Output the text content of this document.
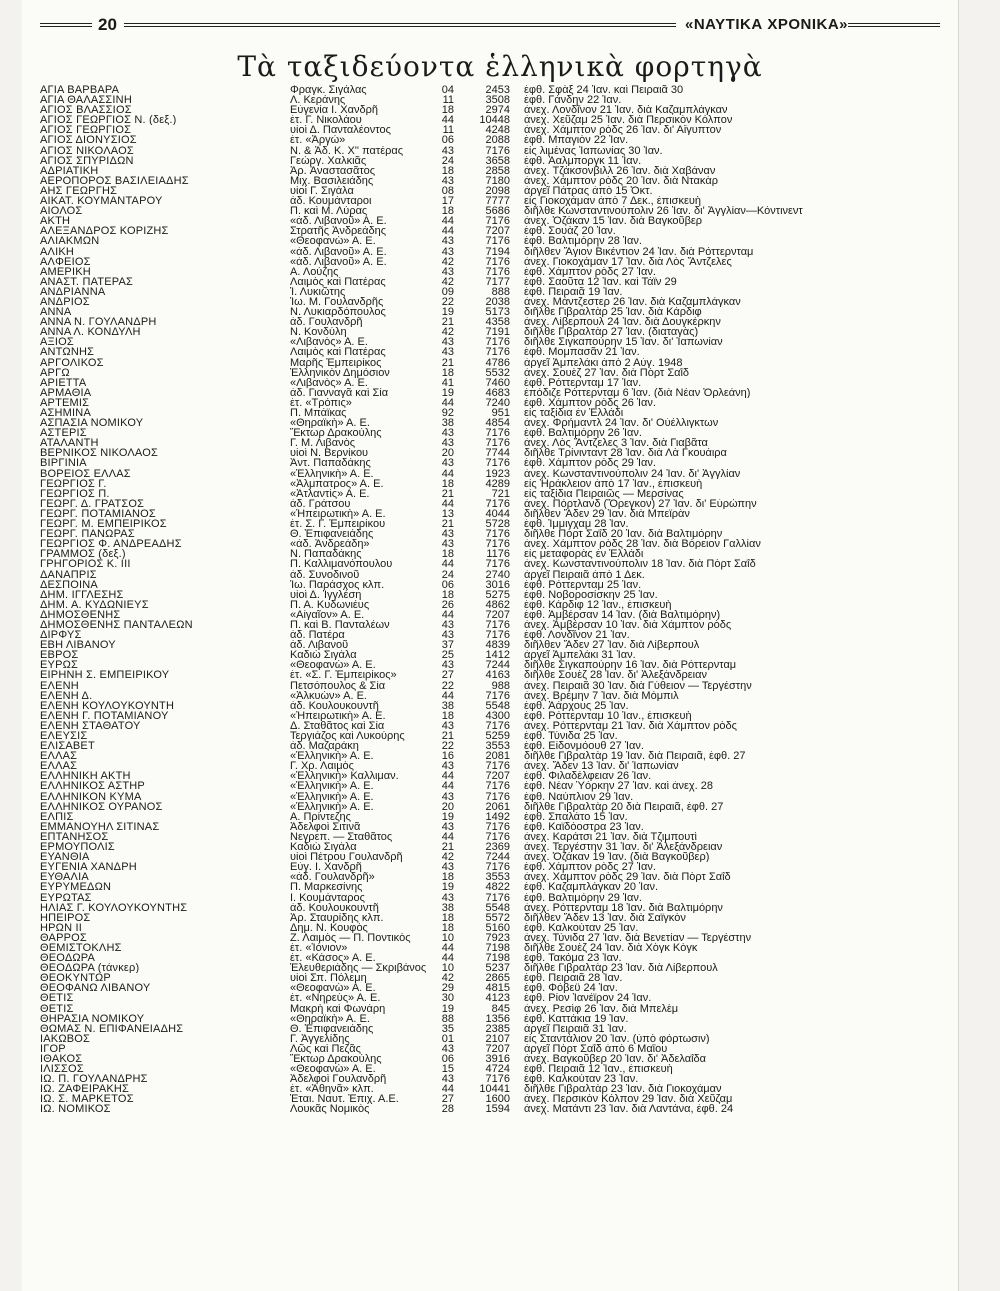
20	«ΝΑΥΤΙΚΑ ΧΡΟΝΙΚΑ»
Τὰ ταξιδεύοντα ἑλληνικὰ φορτηγὰ
ΑΓΙΑ ΒΑΡΒΑΡΑ	Φραγκ. Σιγάλας	04	2453 ἐφθ. Σφὰξ 24 Ἰαν. καὶ Πειραιᾶ 30
ΑΓΙΑ ΘΑΛΑΣΣΙΝΗ	Λ. Κεράνης	11	3508 ἐφθ. Γάνδην 22 Ἰαν.
ΑΓΙΟΣ ΒΛΑΣΣΙΟΣ	Εὐγενία Ι. Χανδρῆ	18	2974 ἀνεχ. Λονδῖνον 21 Ἰαν. διὰ Καζαμπλάγκαν
ΑΓΙΟΣ ΓΕΩΡΓΙΟΣ Ν. (δεξ.)	ἐτ. Γ. Νικολάου	44	10448 ἀνεχ. Χεῦζαμ 25 Ἰαν. διὰ Περσικὸν Κόλπον
ΑΓΙΟΣ ΓΕΩΡΓΙΟΣ	υἱοὶ Δ. Πανταλέοντος	11	4248 ἀνεχ. Χάμπτον ρὸδς 26 Ἰαν. δι' Αἴγυπτον
ΑΓΙΟΣ ΔΙΟΝΥΣΙΟΣ	ἐτ. «Ἀργώ»	06	2088 ἐφθ. Μπαγιὸν 22 Ἰαν.
ΑΓΙΟΣ ΝΙΚΟΛΑΟΣ	Ν. & Ἀδ. Κ. Χ'' πατέρας	43	7176 εἰς λιμένας Ἰαπωνίας 30 Ἰαν.
ΑΓΙΟΣ ΣΠΥΡΙΔΩΝ	Γεώργ. Χαλκιᾶς	24	3658 ἐφθ. Ἀαλμποργκ 11 Ἰαν.
ΑΔΡΙΑΤΙΚΗ	Ἀρ. Ἀναστασᾶτος	18	2858 ἀνεχ. Τζάκσονβιλλ 26 Ἰαν. διὰ Χαβάναν
ΑΕΡΟΠΟΡΟΣ ΒΑΣΙΛΕΙΑΔΗΣ	Μιχ. Βασιλειάδης	43	7180 ἀνεχ. Χάμπτον ρὸδς 20 Ἰαν. διὰ Ντακὰρ
ΑΗΣ ΓΕΩΡΓΗΣ	υἱοὶ Γ. Σιγάλα	08	2098 ἀργεῖ Πάτρας ἀπὸ 15 Ὀκτ.
ΑΙΚΑΤ. ΚΟΥΜΑΝΤΑΡΟΥ	ἀδ. Κουμάνταροι	17	7777 εἰς Γιοκοχάμαν ἀπὸ 7 Δεκ., ἐπισκευὴ
ΑΙΟΛΟΣ	Π. καὶ Μ. Λύρας	18	5686 διῆλθε Κωνσταντινούπολιν 26 Ἰαν. δι' Ἀγγλίαν—Κόντινεντ
ΑΚΤΗ	«ἀδ. Λιβανοῦ» Α. Ε.	44	7176 ἀνεχ. Ὀζάκαν 15 Ἰαν. διὰ Βαγκοῦβερ
ΑΛΕΞΑΝΔΡΟΣ ΚΟΡΙΖΗΣ	Στρατῆς Ἀνδρεάδης	44	7207 ἐφθ. Σουὰζ 20 Ἰαν.
ΑΛΙΑΚΜΩΝ	«Θεοφανὼ» Α. Ε.	43	7176 ἐφθ. Βαλτιμόρην 28 Ἰαν.
ΑΛΙΚΗ	«ἀδ. Λιβανοῦ» Α. Ε.	43	7194 διῆλθεν Ἅγιον Βικέντιον 24 Ἰαν. διὰ Ρόττερνταμ
ΑΛΦΕΙΟΣ	«ἀδ. Λιβανοῦ» Α. Ε.	42	7176 ἀνεχ. Γιοκοχάμαν 17 Ἰαν. διὰ Λὸς Ἄντζελες
ΑΜΕΡΙΚΗ	Α. Λούζης	43	7176 ἐφθ. Χάμπτον ρὸδς 27 Ἰαν.
ΑΝΑΣΤ. ΠΑΤΕΡΑΣ	Λαιμὸς καὶ Πατέρας	42	7177 ἐφθ. Σαοῦτα 12 Ἰαν. καὶ Τάϊν 29
ΑΝΔΡΙΑΝΝΑ	Ἰ. Λυκιῶτης	09	888 ἐφθ. Πειραιᾶ 19 Ἰαν.
ΑΝΔΡΙΟΣ	Ἰω. Μ. Γουλανδρῆς	22	2038 ἀνεχ. Μάντζεστερ 26 Ἰαν. διὰ Καζαμπλάγκαν
ΑΝΝΑ	Ν. Λυκιαρδόπουλος	19	5173 διῆλθε Γιβραλτὰρ 25 Ἰαν. διὰ Κάρδιφ
ΑΝΝΑ Ν. ΓΟΥΛΑΝΔΡΗ	ἀδ. Γουλανδρῆ	21	4358 ἀνεχ. Λίβερπουλ 24 Ἰαν. διὰ Δουγκέρκην
ΑΝΝΑ Λ. ΚΟΝΔΥΛΗ	Ν. Κονδύλη	42	7191 διῆλθε Γιβραλτὰρ 27 Ἰαν. (διαταγὰς)
ΑΞΙΟΣ	«Λιβανὸς» Α. Ε.	43	7176 διῆλθε Σιγκαπούρην 15 Ἰαν. δι' Ἰαπωνίαν
ΑΝΤΩΝΗΣ	Λαιμὸς καὶ Πατέρας	43	7176 ἐφθ. Μομπασᾶν 21 Ἰαν.
ΑΡΓΟΛΙΚΟΣ	Μαρῆς Ἐμπειρίκος	21	4786 ἀργεῖ Ἀμπελάκι ἀπὸ 2 Αὐγ. 1948
ΑΡΓΩ	Ἑλληνικὸν Δημόσιον	18	5532 ἀνεχ. Σουὲζ 27 Ἰαν. διὰ Πὸρτ Σαΐδ
ΑΡΙΕΤΤΑ	«Λιβανὸς» Α. Ε.	41	7460 ἐφθ. Ρόττερνταμ 17 Ἰαν.
ΑΡΜΑΘΙΑ	ἀδ. Γιανναγᾶ καὶ Σία	19	4683 ἐπόδιζε Ρόττερνταμ 6 Ἰαν. (διὰ Νέαν Ὀρλεάνη)
ΑΡΤΕΜΙΣ	ἐτ. «Τρόπις»	44	7240 ἐφθ. Χάμπτον ρὸδς 26 Ἰαν.
ΑΣΗΜΙΝΑ	Π. Μπάϊκας	92	951 εἰς ταξίδια ἐν Ἑλλάδι
ΑΣΠΑΣΙΑ ΝΟΜΙΚΟΥ	«Θηραϊκὴ» Α. Ε.	38	4854 ἀνεχ. Φρήμαντλ 24 Ἰαν. δι' Οὐέλλιγκτων
ΑΣΤΕΡΙΣ	Ἕκτωρ Δρακούλης	43	7176 ἐφθ. Βαλτιμόρην 26 Ἰαν.
ΑΤΑΛΑΝΤΗ	Γ. Μ. Λιβανὸς	43	7176 ἀνεχ. Λὸς Ἄντζελες 3 Ἰαν. διὰ Γιαβᾶτα
ΒΕΡΝΙΚΟΣ ΝΙΚΟΛΑΟΣ	υἱοὶ Ν. Βερνίκου	20	7744 διῆλθε Τρίνινταντ 28 Ἰαν. διὰ Λὰ Γκουάιρα
ΒΙΡΓΙΝΙΑ	Ἀντ. Παπαδάκης	43	7176 ἐφθ. Χάμπτον ρὸδς 29 Ἰαν.
ΒΟΡΕΙΟΣ ΕΛΛΑΣ	«Ἑλληνικὴ» Α. Ε.	44	1923 ἀνεχ. Κωνσταντινούπολιν 24 Ἰαν. δι' Ἀγγλίαν
ΓΕΩΡΓΙΟΣ Γ.	«Ἀλμπατρος» Α. Ε.	18	4289 εἰς Ἡράκλειον ἀπὸ 17 Ἰαν., ἐπισκευὴ
ΓΕΩΡΓΙΟΣ Π.	«Ἀτλαντὶς» Α. Ε.	21	721 εἰς ταξίδια Πειραιῶς — Μερσίνας
ΓΕΩΡΓ. Δ. ΓΡΑΤΣΟΣ	ἀδ. Γράτσου	44	7176 ἀνεχ. Πόρτλανδ (Ὄρεγκον) 27 Ἰαν. δι' Εὐρώπην
ΓΕΩΡΓ. ΠΟΤΑΜΙΑΝΟΣ	«Ἠπειρωτικὴ» Α. Ε.	13	4044 διῆλθεν Ἄδεν 29 Ἰαν. διὰ Μπεϊρὰν
ΓΕΩΡΓ. Μ. ΕΜΠΕΙΡΙΚΟΣ	ἐτ. Σ. Γ. Ἐμπειρίκου	21	5728 ἐφθ. Ἰμμιγχαμ 28 Ἰαν.
ΓΕΩΡΓ. ΠΑΝΩΡΑΣ	Θ. Ἐπιφανειάδης	43	7176 διῆλθε Πὸρτ Σαΐδ 20 Ἰαν. διὰ Βαλτιμόρην
ΓΕΩΡΓΙΟΣ Φ. ΑΝΔΡΕΑΔΗΣ	«ἀδ. Ἀνδρεάδη»	43	7176 ἀνεχ. Χάμπτον ρὸδς 28 Ἰαν. διὰ Βόρειον Γαλλίαν
ΓΡΑΜΜΟΣ (δεξ.)	Ν. Παπαδάκης	18	1176 εἰς μεταφορὰς ἐν Ἑλλάδι
ΓΡΗΓΟΡΙΟΣ Κ. ΙΙΙ	Π. Καλλιμανόπουλου	44	7176 ἀνεχ. Κωνσταντινούπολιν 18 Ἰαν. διὰ Πὸρτ Σαΐδ
ΔΑΝΑΠΡΙΣ	ἀδ. Συνοδινοῦ	24	2740 ἀργεῖ Πειραιᾶ ἀπὸ 1 Δεκ.
ΔΕΣΠΟΙΝΑ	Ἰω. Παράσχος κλπ.	06	3016 ἐφθ. Ρόττερνταμ 25 Ἰαν.
ΔΗΜ. ΙΓΓΛΕΣΗΣ	υἱοὶ Δ. Ἰγγλέση	18	5275 ἐφθ. Νοβοροσίσκην 25 Ἰαν.
ΔΗΜ. Α. ΚΥΔΩΝΙΕΥΣ	Π. Α. Κυδωνιέυς	26	4862 ἐφθ. Κάρδιφ 12 Ἰαν., ἐπισκευὴ
ΔΗΜΟΣΘΕΝΗΣ	«Αἰγαῖον» Α. Ε.	44	7207 ἐφθ. Ἀμβέρσαν 14 Ἰαν. (διὰ Βαλτιμόρην)
ΔΗΜΟΣΘΕΝΗΣ ΠΑΝΤΑΛΕΩΝ	Π. καὶ Β. Πανταλέων	43	7176 ἀνεχ. Ἀμβέρσαν 10 Ἰαν. διὰ Χάμπτον ρὸδς
ΔΙΡΦΥΣ	ἀδ. Πατέρα	43	7176 ἐφθ. Λονδῖνον 21 Ἰαν.
ΕΒΗ ΛΙΒΑΝΟΥ	ἀδ. Λιβανοῦ	37	4839 διῆλθεν Ἄδεν 27 Ἰαν. διὰ Λίβερπουλ
ΕΒΡΟΣ	Καδιὼ Σιγάλα	25	1412 ἀργεῖ Ἀμπελάκι 31 Ἰαν.
ΕΥΡΩΣ	«Θεοφανὼ» Α. Ε.	43	7244 διῆλθε Σιγκαπούρην 16 Ἰαν. διὰ Ρόττερνταμ
ΕΙΡΗΝΗ Σ. ΕΜΠΕΙΡΙΚΟΥ	ἐτ. «Σ. Γ. Ἐμπειρίκος»	27	4163 διῆλθε Σουὲζ 28 Ἰαν. δι' Ἀλεξάνδρειαν
ΕΛΕΝΗ	Πετσόπουλος & Σία	22	988 ἀνεχ. Πειραιᾶ 30 Ἰαν. διὰ Γύθειον — Τεργέστην
ΕΛΕΝΗ Δ.	«Ἀλκυὼν» Α. Ε.	44	7176 ἀνεχ. Βρέμην 7 Ἰαν. διὰ Μόμπιλ
ΕΛΕΝΗ ΚΟΥΛΟΥΚΟΥΝΤΗ	ἀδ. Κουλουκουντῆ	38	5548 ἐφθ. Ἀάρχους 25 Ἰαν.
ΕΛΕΝΗ Γ. ΠΟΤΑΜΙΑΝΟΥ	«Ἠπειρωτικὴ» Α. Ε.	18	4300 ἐφθ. Ρόττερνταμ 10 Ἰαν., ἐπισκευὴ
ΕΛΕΝΗ ΣΤΑΘΑΤΟΥ	Δ. Σταθᾶτος καὶ Σία	43	7176 ἀνεχ. Ρόττερνταμ 21 Ἰαν. διὰ Χάμπτον ρὸδς
ΕΛΕΥΣΙΣ	Τεργιάζος καὶ Λυκούρης	21	5259 ἐφθ. Τύνιδα 25 Ἰαν.
ΕΛΙΣΑΒΕΤ	ἀδ. Μαζαράκη	22	3553 ἐφθ. Εἰδονμόουθ 27 Ἰαν.
ΕΛΛΑΣ	«Ἑλληνικὴ» Α. Ε.	16	2081 διῆλθε Γιβραλτὰρ 19 Ἰαν. διὰ Πειραιᾶ, ἐφθ. 27
ΕΛΛΑΣ	Γ. Χρ. Λαιμὸς	43	7176 ἀνεχ. Ἄδεν 13 Ἰαν. δι' Ἰαπωνίαν
ΕΛΛΗΝΙΚΗ ΑΚΤΗ	«Ἑλληνικὴ» Καλλιμαν.	44	7207 ἐφθ. Φιλαδέλφειαν 26 Ἰαν.
ΕΛΛΗΝΙΚΟΣ ΑΣΤΗΡ	«Ἑλληνικὴ» Α. Ε.	44	7176 ἐφθ. Νέαν Ὑόρκην 27 Ἰαν. καὶ ἀνεχ. 28
ΕΛΛΗΝΙΚΟΝ ΚΥΜΑ	«Ἑλληνικὴ» Α. Ε.	43	7176 ἐφθ. Ναύπλιον 29 Ἰαν.
ΕΛΛΗΝΙΚΟΣ ΟΥΡΑΝΟΣ	«Ἑλληνικὴ» Α. Ε.	20	2061 διῆλθε Γιβραλτὰρ 20 διὰ Πειραιᾶ, ἐφθ. 27
ΕΛΠΙΣ	Α. Πρίντεζης	19	1492 ἐφθ. Σπαλάτο 15 Ἰαν.
ΕΜΜΑΝΟΥΗΛ ΣΙΤΙΝΑΣ	Ἀδελφοὶ Σιτινᾶ	43	7176 ἐφθ. Καϊδόοστρα 23 Ἰαν.
ΕΠΤΑΝΗΣΟΣ	Νεγρεπ. — Σταθᾶτος	44	7176 ἀνεχ. Καράτσι 21 Ἰαν. διὰ Τζιμπουτὶ
ΕΡΜΟΥΠΟΛΙΣ	Καδιὼ Σιγάλα	21	2369 ἀνεχ. Τεργέστην 31 Ἰαν. δι' Ἀλεξάνδρειαν
ΕΥΑΝΘΙΑ	υἱοὶ Πέτρου Γουλανδρῆ	42	7244 ἀνεχ. Ὀζάκαν 19 Ἰαν. (διὰ Βαγκοῦβερ)
ΕΥΓΕΝΙΑ ΧΑΝΔΡΗ	Εὐγ. Ι. Χανδρῆ	43	7176 ἐφθ. Χάμπτον ρὸδς 27 Ἰαν.
ΕΥΘΑΛΙΑ	«ἀδ. Γουλανδρῆ»	18	3553 ἀνεχ. Χάμπτον ρὸδς 29 Ἰαν. διὰ Πὸρτ Σαΐδ
ΕΥΡΥΜΕΔΩΝ	Π. Μαρκεσίνης	19	4822 ἐφθ. Καζαμπλάγκαν 20 Ἰαν.
ΕΥΡΩΤΑΣ	Ι. Κουμάνταρος	43	7176 ἐφθ. Βαλτιμόρην 29 Ἰαν.
ΗΛΙΑΣ Γ. ΚΟΥΛΟΥΚΟΥΝΤΗΣ	ἀδ. Κουλουκουντῆ	38	5548 ἀνεχ. Ρόττερνταμ 18 Ἰαν. διὰ Βαλτιμόρην
ΗΠΕΙΡΟΣ	Ἀρ. Σταυρίδης κλπ.	18	5572 διῆλθεν Ἄδεν 13 Ἰαν. διὰ Σαϊγκὸν
ΗΡΩΝ ΙΙ	Δημ. Ν. Κουφὸς	18	5160 ἐφθ. Καλκούταν 25 Ἰαν.
ΘΑΡΡΟΣ	Ζ. Λαιμὸς — Π. Ποντικὸς	10	7923 ἀνεχ. Τύνιδα 27 Ἰαν. διὰ Βενετίαν — Τεργέστην
ΘΕΜΙΣΤΟΚΛΗΣ	ἐτ. «Ἰόνιον»	44	7198 διῆλθε Σουὲζ 24 Ἰαν. διὰ Χὸγκ Κὸγκ
ΘΕΟΔΩΡΑ	ἐτ. «Κάσος» Α. Ε.	44	7198 ἐφθ. Τακόμα 23 Ἰαν.
ΘΕΟΔΩΡΑ (τάνκερ)	Ἐλευθεριάδης — Σκριβάνος	10	5237 διῆλθε Γιβραλτὰρ 23 Ἰαν. διὰ Λίβερπουλ
ΘΕΟΚΥΝΤΩΡ	υἱοὶ Σπ. Πόλεμη	42	2865 ἐφθ. Πειραιᾶ 28 Ἰαν.
ΘΕΟΦΑΝΩ ΛΙΒΑΝΟΥ	«Θεοφανὼ» Α. Ε.	29	4815 ἐφθ. Φόβεϋ 24 Ἰαν.
ΘΕΤΙΣ	ἐτ. «Νηρεὺς» Α. Ε.	30	4123 ἐφθ. Ρίον Ἰανέϊρον 24 Ἰαν.
ΘΕΤΙΣ	Μακρὴ καὶ Φωνάρη	19	845 ἀνεχ. Ρεσὶφ 26 Ἰαν. διὰ Μπελὲμ
ΘΗΡΑΣΙΑ ΝΟΜΙΚΟΥ	«Θηραϊκὴ» Α. Ε.	88	1356 ἐφθ. Καττάκια 19 Ἰαν.
ΘΩΜΑΣ Ν. ΕΠΙΦΑΝΕΙΑΔΗΣ	Θ. Ἐπιφανειάδης	35	2385 ἀργεῖ Πειραιᾶ 31 Ἰαν.
ΙΑΚΩΒΟΣ	Γ. Ἀγγελίδης	01	2107 εἰς Σταντάλιον 20 Ἰαν. (ὑπὸ φόρτωσιν)
ΙΓΟΡ	Λῶς καὶ Πεζᾶς	43	7207 ἀργεῖ Πὸρτ Σαΐδ ἀπὸ 6 Μαΐου
ΙΘΑΚΟΣ	Ἕκτωρ Δρακούλης	06	3916 ἀνεχ. Βαγκοῦβερ 20 Ἰαν. δι' Ἀδελαΐδα
ΙΛΙΣΣΟΣ	«Θεοφανὼ» Α. Ε.	15	4724 ἐφθ. Πειραιᾶ 12 Ἰαν., ἐπισκευὴ
ΙΩ. Π. ΓΟΥΛΑΝΔΡΗΣ	Ἀδελφοὶ Γουλανδρῆ	43	7176 ἐφθ. Καλκούταν 23 Ἰαν.
ΙΩ. ΖΑΦΕΙΡΑΚΗΣ	ἐτ. «Ἀθηνᾶ» κλπ.	44	10441 διῆλθε Γιβραλτὰρ 23 Ἰαν. διὰ Γιοκοχάμαν
ΙΩ. Σ. ΜΑΡΚΕΤΟΣ	Ἑται. Ναυτ. Ἐπιχ. Α.Ε.	27	1600 ἀνεχ. Περσικὸν Κόλπον 29 Ἰαν. διὰ Χεῦζαμ
ΙΩ. ΝΟΜΙΚΟΣ	Λουκᾶς Νομικὸς	28	1594 ἀνεχ. Ματάντι 23 Ἰαν. διὰ Λαντάνα, ἐφθ. 24
